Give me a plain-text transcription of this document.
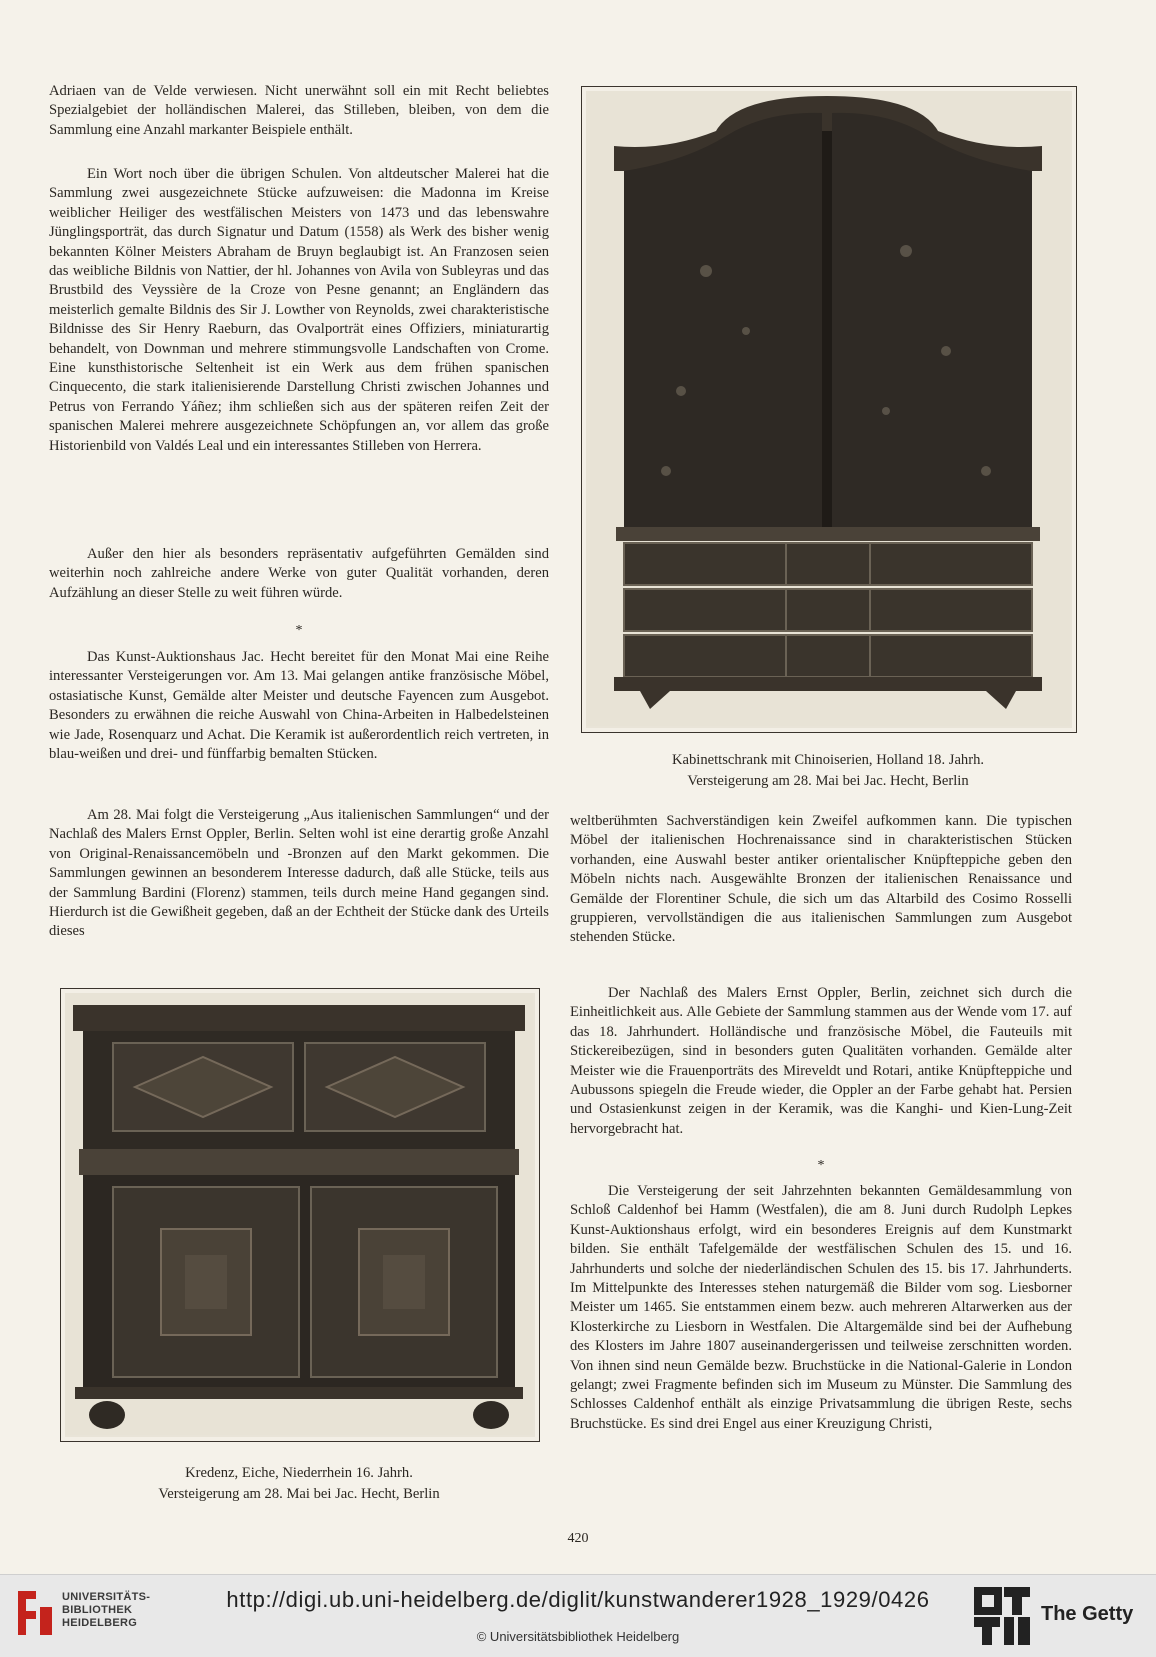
Adriaen van de Velde verwiesen. Nicht unerwähnt soll ein mit Recht beliebtes Spezialgebiet der holländischen Malerei, das Stilleben, bleiben, von dem die Sammlung eine Anzahl markanter Beispiele enthält.

Ein Wort noch über die übrigen Schulen. Von altdeutscher Malerei hat die Sammlung zwei ausgezeichnete Stücke aufzuweisen: die Madonna im Kreise weiblicher Heiliger des westfälischen Meisters von 1473 und das lebenswahre Jünglingsporträt, das durch Signatur und Datum (1558) als Werk des bisher wenig bekannten Kölner Meisters Abraham de Bruyn beglaubigt ist. An Franzosen seien das weibliche Bildnis von Nattier, der hl. Johannes von Avila von Subleyras und das Brustbild des Veyssière de la Croze von Pesne genannt; an Engländern das meisterlich gemalte Bildnis des Sir J. Lowther von Reynolds, zwei charakteristische Bildnisse des Sir Henry Raeburn, das Ovalporträt eines Offiziers, miniaturartig behandelt, von Downman und mehrere stimmungsvolle Landschaften von Crome. Eine kunsthistorische Seltenheit ist ein Werk aus dem frühen spanischen Cinquecento, die stark italienisierende Darstellung Christi zwischen Johannes und Petrus von Ferrando Yáñez; ihm schließen sich aus der späteren reifen Zeit der spanischen Malerei mehrere ausgezeichnete Schöpfungen an, vor allem das große Historienbild von Valdés Leal und ein interessantes Stilleben von Herrera.

Außer den hier als besonders repräsentativ aufgeführten Gemälden sind weiterhin noch zahlreiche andere Werke von guter Qualität vorhanden, deren Aufzählung an dieser Stelle zu weit führen würde.

*

Das Kunst-Auktionshaus Jac. Hecht bereitet für den Monat Mai eine Reihe interessanter Versteigerungen vor. Am 13. Mai gelangen antike französische Möbel, ostasiatische Kunst, Gemälde alter Meister und deutsche Fayencen zum Ausgebot. Besonders zu erwähnen die reiche Auswahl von China-Arbeiten in Halbedelsteinen wie Jade, Rosenquarz und Achat. Die Keramik ist außerordentlich reich vertreten, in blau-weißen und drei- und fünffarbig bemalten Stücken.

Am 28. Mai folgt die Versteigerung „Aus italienischen Sammlungen“ und der Nachlaß des Malers Ernst Oppler, Berlin. Selten wohl ist eine derartig große Anzahl von Original-Renaissancemöbeln und -Bronzen auf den Markt gekommen. Die Sammlungen gewinnen an besonderem Interesse dadurch, daß alle Stücke, teils aus der Sammlung Bardini (Florenz) stammen, teils durch meine Hand gegangen sind. Hierdurch ist die Gewißheit gegeben, daß an der Echtheit der Stücke dank des Urteils dieses

Kabinettschrank mit Chinoiserien, Holland 18. Jahrh.

Versteigerung am 28. Mai bei Jac. Hecht, Berlin

weltberühmten Sachverständigen kein Zweifel aufkommen kann. Die typischen Möbel der italienischen Hochrenaissance sind in charakteristischen Stücken vorhanden, eine Auswahl bester antiker orientalischer Knüpfteppiche geben den Möbeln nichts nach. Ausgewählte Bronzen der italienischen Renaissance und Gemälde der Florentiner Schule, die sich um das Altarbild des Cosimo Rosselli gruppieren, vervollständigen die aus italienischen Sammlungen zum Ausgebot stehenden Stücke.

Der Nachlaß des Malers Ernst Oppler, Berlin, zeichnet sich durch die Einheitlichkeit aus. Alle Gebiete der Sammlung stammen aus der Wende vom 17. auf das 18. Jahrhundert. Holländische und französische Möbel, die Fauteuils mit Stickereibezügen, sind in besonders guten Qualitäten vorhanden. Gemälde alter Meister wie die Frauenporträts des Mireveldt und Rotari, antike Knüpfteppiche und Aubussons spiegeln die Freude wieder, die Oppler an der Farbe gehabt hat. Persien und Ostasienkunst zeigen in der Keramik, was die Kanghi- und Kien-Lung-Zeit hervorgebracht hat.

*

Die Versteigerung der seit Jahrzehnten bekannten Gemäldesammlung von Schloß Caldenhof bei Hamm (Westfalen), die am 8. Juni durch Rudolph Lepkes Kunst-Auktionshaus erfolgt, wird ein besonderes Ereignis auf dem Kunstmarkt bilden. Sie enthält Tafelgemälde der westfälischen Schulen des 15. und 16. Jahrhunderts und solche der niederländischen Schulen des 15. bis 17. Jahrhunderts. Im Mittelpunkte des Interesses stehen naturgemäß die Bilder vom sog. Liesborner Meister um 1465. Sie entstammen einem bezw. auch mehreren Altarwerken aus der Klosterkirche zu Liesborn in Westfalen. Die Altargemälde sind bei der Aufhebung des Klosters im Jahre 1807 auseinandergerissen und teilweise zerschnitten worden. Von ihnen sind neun Gemälde bezw. Bruchstücke in die National-Galerie in London gelangt; zwei Fragmente befinden sich im Museum zu Münster. Die Sammlung des Schlosses Caldenhof enthält als einzige Privatsammlung die übrigen Reste, sechs Bruchstücke. Es sind drei Engel aus einer Kreuzigung Christi,

Kredenz, Eiche, Niederrhein 16. Jahrh.

Versteigerung am 28. Mai bei Jac. Hecht, Berlin

420
UNIVERSITÄTS-
BIBLIOTHEK
HEIDELBERG
http://digi.ub.uni-heidelberg.de/diglit/kunstwanderer1928_1929/0426
© Universitätsbibliothek Heidelberg
The Getty
